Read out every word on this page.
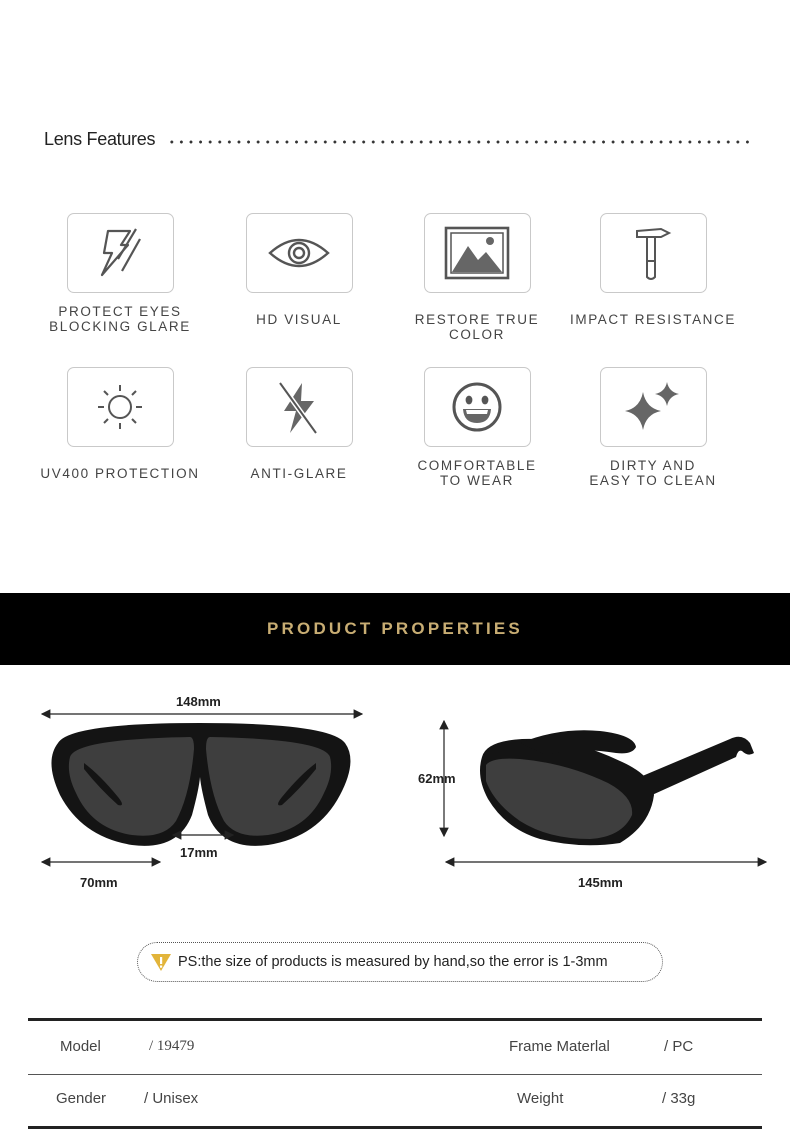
Lens Features
PROTECT EYES
BLOCKING GLARE	HD VISUAL	RESTORE TRUE COLOR
IMPACT RESISTANCE
UV400 PROTECTION	ANTI-GLARE
COMFORTABLE
TO WEAR
DIRTY AND
EASY TO CLEAN
PRODUCT PROPERTIES
148mm
17mm
70mm
62mm
145mm
PS:the size of products is measured by hand,so the error is 1-3mm
Model	/ 19479	Frame Materlal	/ PC
Gender	/ Unisex	Weight	/ 33g
